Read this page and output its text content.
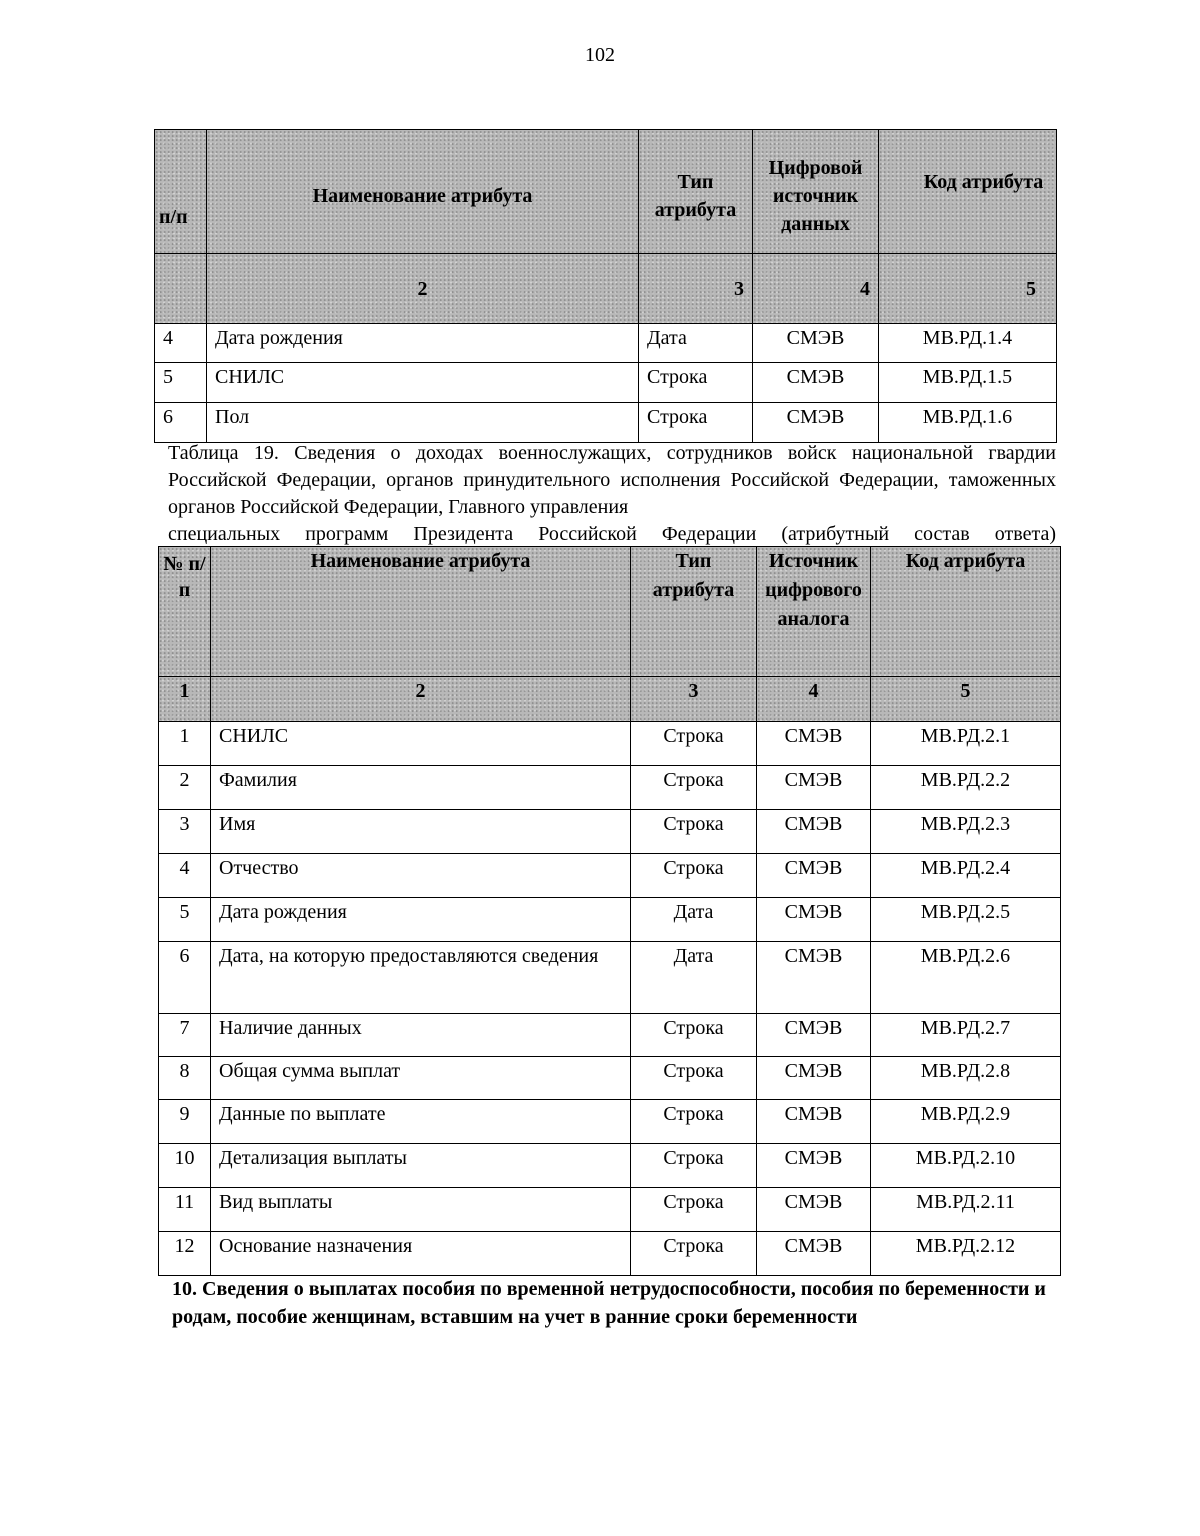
102
п/п	Наименование атрибута	Тип атрибута	Цифровой источник данных	Код атрибута
	2	3	4	5
4	Дата рождения	Дата	СМЭВ	МВ.РД.1.4
5	СНИЛС	Строка	СМЭВ	МВ.РД.1.5
6	Пол	Строка	СМЭВ	МВ.РД.1.6
Таблица 19. Сведения о доходах военнослужащих, сотрудников войск национальной гвардии Российской Федерации, органов принудительного исполнения Российской Федерации, таможенных органов Российской Федерации, Главного управления
специальных программ Президента Российской Федерации (атрибутный состав ответа)
№ п/п	Наименование атрибута	Тип атрибута	Источник цифрового аналога	Код атрибута
1	2	3	4	5
1	СНИЛС	Строка	СМЭВ	МВ.РД.2.1
2	Фамилия	Строка	СМЭВ	МВ.РД.2.2
3	Имя	Строка	СМЭВ	МВ.РД.2.3
4	Отчество	Строка	СМЭВ	МВ.РД.2.4
5	Дата рождения	Дата	СМЭВ	МВ.РД.2.5
6	Дата, на которую предоставляются сведения	Дата	СМЭВ	МВ.РД.2.6
7	Наличие данных	Строка	СМЭВ	МВ.РД.2.7
8	Общая сумма выплат	Строка	СМЭВ	МВ.РД.2.8
9	Данные по выплате	Строка	СМЭВ	МВ.РД.2.9
10	Детализация выплаты	Строка	СМЭВ	МВ.РД.2.10
11	Вид выплаты	Строка	СМЭВ	МВ.РД.2.11
12	Основание назначения	Строка	СМЭВ	МВ.РД.2.12
10. Сведения о выплатах пособия по временной нетрудоспособности, пособия по беременности и родам, пособие женщинам, вставшим на учет в ранние сроки беременности
